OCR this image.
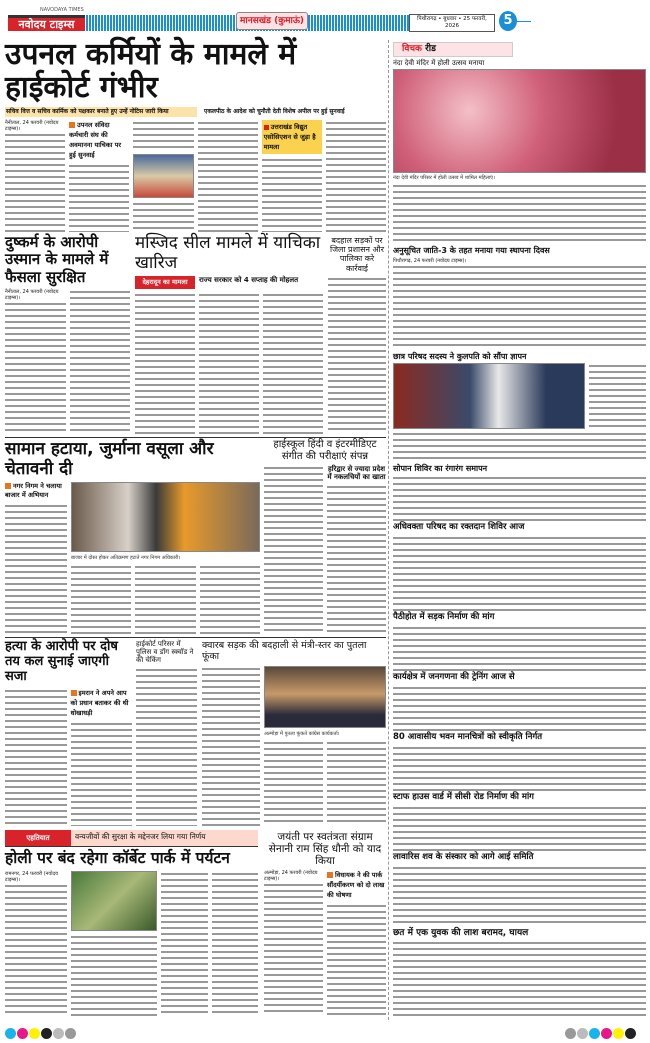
NAVODAYA TIMES
नवोदय टाइम्स	मानसखंड (कुमाऊं)	पिथौरागढ़ • बुधवार • 25 फरवरी, 2026	5
उपनल कर्मियों के मामले में हाईकोर्ट गंभीर
सचिव वित्त व सचिव कार्मिक को पक्षकार बनाते हुए उन्हें नोटिस जारी किया	एकलपीठ के आदेश को चुनौती देती विशेष अपील पर हुई सुनवाई
नैनीताल, 24 फरवरी (नवोदय टाइम्स)।	उपनल संविदा कर्मचारी संघ की अवमानना याचिका पर हुई सुनवाई
उत्तराखंड विद्युत एसोसिएशन से जुड़ा है मामला
विचक रीड
नंदा देवी मंदिर में होली उत्सव मनाया
नंदा देवी मंदिर परिसर में होली उत्सव में शामिल महिलाएं।
अनुसूचित जाति-3 के तहत मनाया गया स्थापना दिवस
पिथौरागढ़, 24 फरवरी (नवोदय टाइम्स)।
छात्र परिषद सदस्य ने कुलपति को सौंपा ज्ञापन
सोपान शिविर का रंगारंग समापन
अधिवक्ता परिषद का रक्तदान शिविर आज
पैठीहोत में सड़क निर्माण की मांग
कार्यक्षेत्र में जनगणना की ट्रेनिंग आज से
80 आवासीय भवन मानचित्रों को स्वीकृति निर्गत
स्टाफ हाउस वार्ड में सीसी रोड निर्माण की मांग
लावारिस शव के संस्कार को आगे आई समिति
छत में एक युवक की लाश बरामद, घायल
दुष्कर्म के आरोपी उस्मान के मामले में फैसला सुरक्षित
नैनीताल, 24 फरवरी (नवोदय टाइम्स)।
मस्जिद सील मामले में याचिका खारिज
देहरादून का मामला	राज्य सरकार को 4 सप्ताह की मोहलत
बदहाल सड़कों पर जिला प्रशासन और पालिका करे कार्रवाई
सामान हटाया, जुर्माना वसूला और चेतावनी दी
नगर निगम ने चलाया बाजार में अभियान
बाजार में दोस्त होकर अतिक्रमण हटाते नगर निगम अधिकारी।
हाईस्कूल हिंदी व इंटरमीडिएट संगीत की परीक्षाएं संपन्न
हरिद्वार से ज्यादा प्रदेश में नकलचियों का खाता
हत्या के आरोपी पर दोष तय कल सुनाई जाएगी सजा
इमरान ने अपने आप को प्रधान बताकर की थी धोखाधड़ी
हाईकोर्ट परिसर में पुलिस व डॉग स्क्वॉड ने की चेकिंग
क्वारब सड़क की बदहाली से मंत्री-स्तर का पुतला फूंका
अल्मोड़ा में पुतला फूंकते कांग्रेस कार्यकर्ता।
एहतियात	वन्यजीवों की सुरक्षा के मद्देनजर लिया गया निर्णय
होली पर बंद रहेगा कॉर्बेट पार्क में पर्यटन
रामनगर, 24 फरवरी (नवोदय टाइम्स)।
जयंती पर स्वतंत्रता संग्राम सेनानी राम सिंह धौनी को याद किया
अल्मोड़ा, 24 फरवरी (नवोदय टाइम्स)।	विधायक ने की पार्क सौंदर्यीकरण को दो लाख की घोषणा
